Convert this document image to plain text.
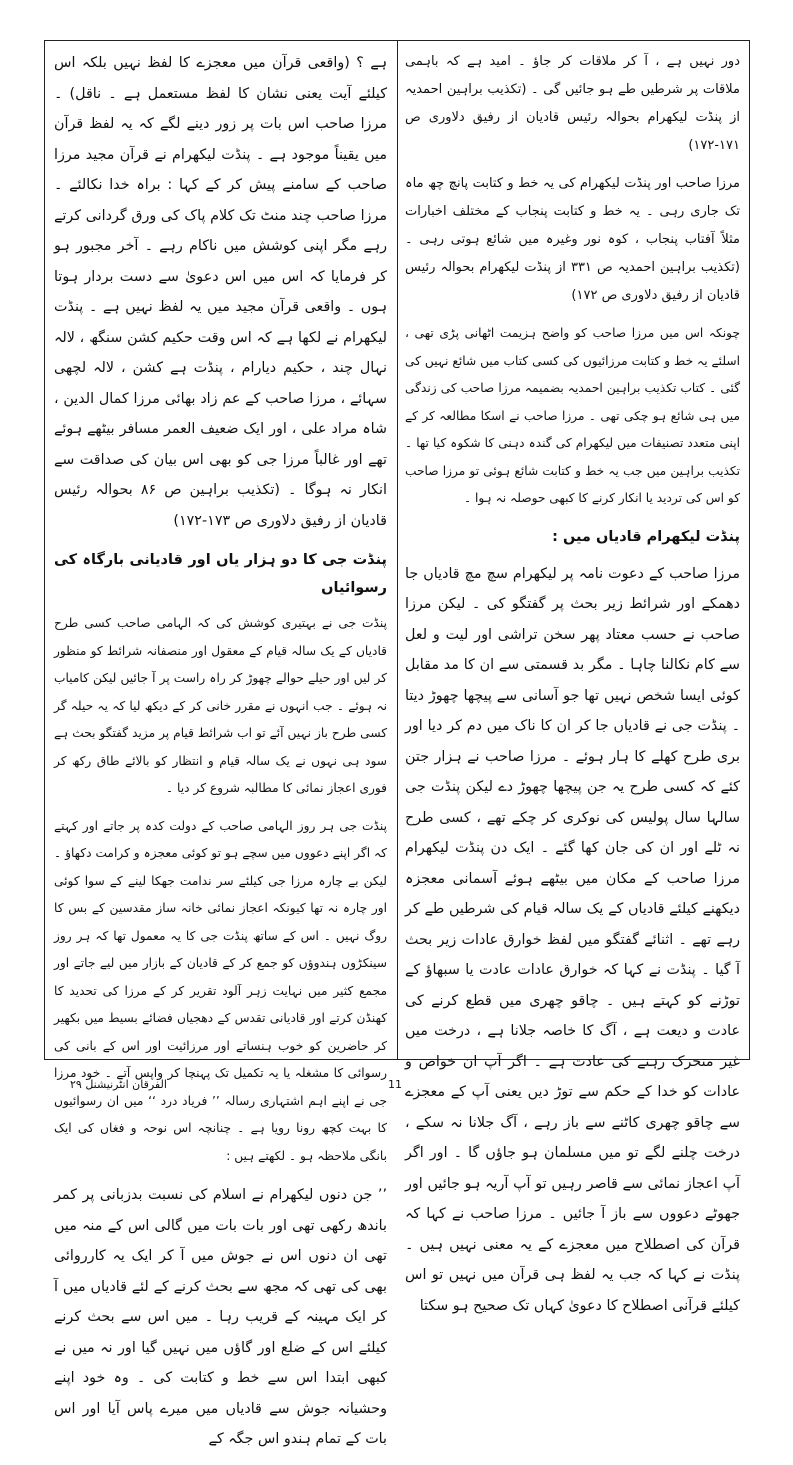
دور نہیں ہے ، آ کر ملاقات کر جاؤ ۔ امید ہے کہ باہمی ملاقات پر شرطیں طے ہو جائیں گی ۔ (تکذیب براہین احمدیہ از پنڈت لیکھرام بحوالہ رئیس قادیان از رفیق دلاوری ص ۱۷۱-۱۷۲)

مرزا صاحب اور پنڈت لیکھرام کی یہ خط و کتابت پانچ چھ ماہ تک جاری رہی ۔ یہ خط و کتابت پنجاب کے مختلف اخبارات مثلاً آفتاب پنجاب ، کوہ نور وغیرہ میں شائع ہوتی رہی ۔ (تکذیب براہین احمدیہ ص ۳۳۱ از پنڈت لیکھرام بحوالہ رئیس قادیان از رفیق دلاوری ص ۱۷۲)

چونکہ اس میں مرزا صاحب کو واضح ہزیمت اٹھانی پڑی تھی ، اسلئے یہ خط و کتابت مرزائیوں کی کسی کتاب میں شائع نہیں کی گئی ۔ کتاب تکذیب براہین احمدیہ بضمیمہ مرزا صاحب کی زندگی میں ہی شائع ہو چکی تھی ۔ مرزا صاحب نے اسکا مطالعہ کر کے اپنی متعدد تصنیفات میں لیکھرام کی گندہ دہنی کا شکوہ کیا تھا ۔ تکذیب براہین میں جب یہ خط و کتابت شائع ہوئی تو مرزا صاحب کو اس کی تردید یا انکار کرنے کا کبھی حوصلہ نہ ہوا ۔

پنڈت لیکھرام قادیاں میں :

مرزا صاحب کے دعوت نامہ پر لیکھرام سچ مچ قادیاں جا دھمکے اور شرائط زیر بحث پر گفتگو کی ۔ لیکن مرزا صاحب نے حسب معتاد پھر سخن تراشی اور لیت و لعل سے کام نکالنا چاہا ۔ مگر بد قسمتی سے ان کا مد مقابل کوئی ایسا شخص نہیں تھا جو آسانی سے پیچھا چھوڑ دیتا ۔ پنڈت جی نے قادیاں جا کر ان کا ناک میں دم کر دیا اور بری طرح کھلے کا ہار ہوئے ۔ مرزا صاحب نے ہزار جتن کئے کہ کسی طرح یہ جن پیچھا چھوڑ دے لیکن پنڈت جی سالہا سال پولیس کی نوکری کر چکے تھے ، کسی طرح نہ ٹلے اور ان کی جان کھا گئے ۔ ایک دن پنڈت لیکھرام مرزا صاحب کے مکان میں بیٹھے ہوئے آسمانی معجزہ دیکھنے کیلئے قادیاں کے یک سالہ قیام کی شرطیں طے کر رہے تھے ۔ اثنائے گفتگو میں لفظ خوارق عادات زیر بحث آ گیا ۔ پنڈت نے کہا کہ خوارق عادات عادت یا سبھاؤ کے توڑنے کو کہتے ہیں ۔ چاقو چھری میں قطع کرنے کی عادت و دیعت ہے ، آگ کا خاصہ جلانا ہے ، درخت میں غیر متحرک رہنے کی عادت ہے ۔ اگر آپ ان خواص و عادات کو خدا کے حکم سے توڑ دیں یعنی آپ کے معجزے سے چاقو چھری کاٹنے سے باز رہے ، آگ جلانا نہ سکے ، درخت چلنے لگے تو میں مسلمان ہو جاؤں گا ۔ اور اگر آپ اعجاز نمائی سے قاصر رہیں تو آپ آریہ ہو جائیں اور جھوٹے دعووں سے باز آ جائیں ۔ مرزا صاحب نے کہا کہ قرآن کی اصطلاح میں معجزے کے یہ معنی نہیں ہیں ۔ پنڈت نے کہا کہ جب یہ لفظ ہی قرآن میں نہیں تو اس کیلئے قرآنی اصطلاح کا دعویٰ کہاں تک صحیح ہو سکتا

ہے ؟ (واقعی قرآن میں معجزے کا لفظ نہیں بلکہ اس کیلئے آیت یعنی نشان کا لفظ مستعمل ہے ۔ ناقل) ۔ مرزا صاحب اس بات پر زور دینے لگے کہ یہ لفظ قرآن میں یقیناً موجود ہے ۔ پنڈت لیکھرام نے قرآن مجید مرزا صاحب کے سامنے پیش کر کے کہا : براہ خدا نکالئے ۔ مرزا صاحب چند منٹ تک کلام پاک کی ورق گردانی کرتے رہے مگر اپنی کوشش میں ناکام رہے ۔ آخر مجبور ہو کر فرمایا کہ اس میں اس دعویٰ سے دست بردار ہوتا ہوں ۔ واقعی قرآن مجید میں یہ لفظ نہیں ہے ۔ پنڈت لیکھرام نے لکھا ہے کہ اس وقت حکیم کشن سنگھ ، لالہ نہال چند ، حکیم دیارام ، پنڈت ہے کشن ، لالہ لچھی سہائے ، مرزا صاحب کے عم زاد بھائی مرزا کمال الدین ، شاہ مراد علی ، اور ایک ضعیف العمر مسافر بیٹھے ہوئے تھے اور غالباً مرزا جی کو بھی اس بیان کی صداقت سے انکار نہ ہوگا ۔ (تکذیب براہین ص ۸۶ بحوالہ رئیس قادیان از رفیق دلاوری ص ۱۷۳-۱۷۲)

پنڈت جی کا دو ہزار یاں اور قادیانی بارگاہ کی رسوائیاں

پنڈت جی نے بہتیری کوشش کی کہ الہامی صاحب کسی طرح قادیاں کے یک سالہ قیام کے معقول اور منصفانہ شرائط کو منظور کر لیں اور حیلے حوالے چھوڑ کر راہ راست پر آ جائیں لیکن کامیاب نہ ہوئے ۔ جب انہوں نے مقرر خانی کر کے دیکھ لیا کہ یہ حیلہ گر کسی طرح باز نہیں آئے تو اب شرائط قیام پر مزید گفتگو بحث ہے سود ہی نہوں نے یک سالہ قیام و انتظار کو بالائے طاق رکھ کر فوری اعجاز نمائی کا مطالبہ شروع کر دیا ۔

پنڈت جی ہر روز الہامی صاحب کے دولت کدہ پر جاتے اور کہتے کہ اگر اپنے دعووں میں سچے ہو تو کوئی معجزہ و کرامت دکھاؤ ۔ لیکن بے چارہ مرزا جی کیلئے سر ندامت جھکا لینے کے سوا کوئی اور چارہ نہ تھا کیونکہ اعجاز نمائی خانہ ساز مقدسین کے بس کا روگ نہیں ۔ اس کے ساتھ پنڈت جی کا یہ معمول تھا کہ ہر روز سینکڑوں ہندوؤں کو جمع کر کے قادیان کے بازار میں لیے جاتے اور مجمع کثیر میں نہایت زہر آلود تقریر کر کے مرزا کی تحدید کا کھنڈن کرتے اور قادیانی تقدس کے دھجیاں فضائے بسیط میں بکھیر کر حاضرین کو خوب ہنساتے اور مرزائیت اور اس کے بانی کی رسوائی کا مشغلہ یا یہ تکمیل تک پہنچا کر واپس آتے ۔ خود مرزا جی نے اپنے اہم اشتہاری رسالہ ’’ فریاد درد ‘‘ میں ان رسوائیوں کا بہت کچھ رونا رویا ہے ۔ چنانچہ اس نوحہ و فغاں کی ایک بانگی ملاحظہ ہو ۔ لکھتے ہیں :

’’ جن دنوں لیکھرام نے اسلام کی نسبت بدزبانی پر کمر باندھ رکھی تھی اور بات بات میں گالی اس کے منہ میں تھی ان دنوں اس نے جوش میں آ کر ایک یہ کارروائی بھی کی تھی کہ مجھ سے بحث کرنے کے لئے قادیاں میں آ کر ایک مہینہ کے قریب رہا ۔ میں اس سے بحث کرنے کیلئے اس کے ضلع اور گاؤں میں نہیں گیا اور نہ میں نے کبھی ابتدا اس سے خط و کتابت کی ۔ وہ خود اپنے وحشیانہ جوش سے قادیاں میں میرے پاس آیا اور اس بات کے تمام ہندو اس جگہ کے

الفرقان انٹرنیشنل ۲۹	11
